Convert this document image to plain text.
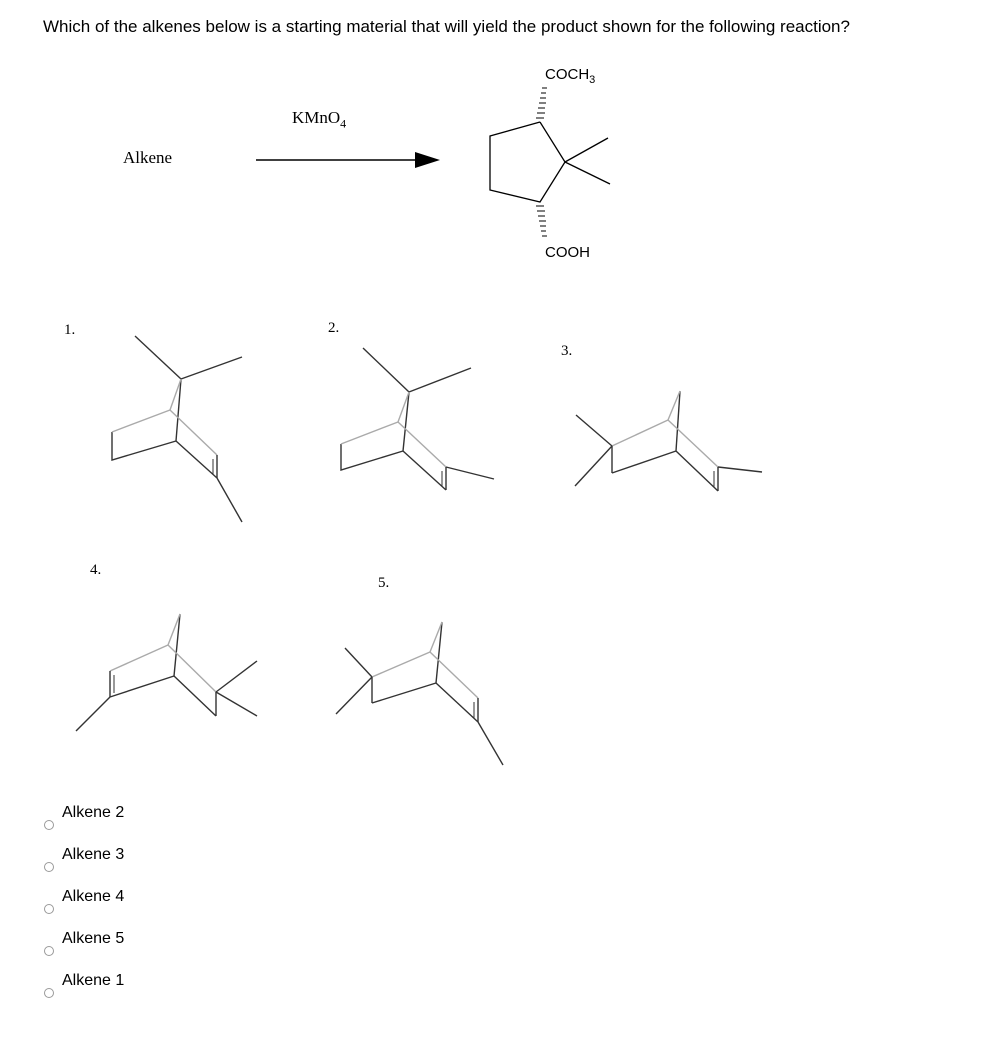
Which of the alkenes below is a starting material that will yield the product shown for the following reaction?
Alkene
KMnO$_4$
$COCH_3$
COOH
1.	2.
3.
4.
5.
Alkene 2
Alkene 3
Alkene 4
Alkene 5
Alkene 1
